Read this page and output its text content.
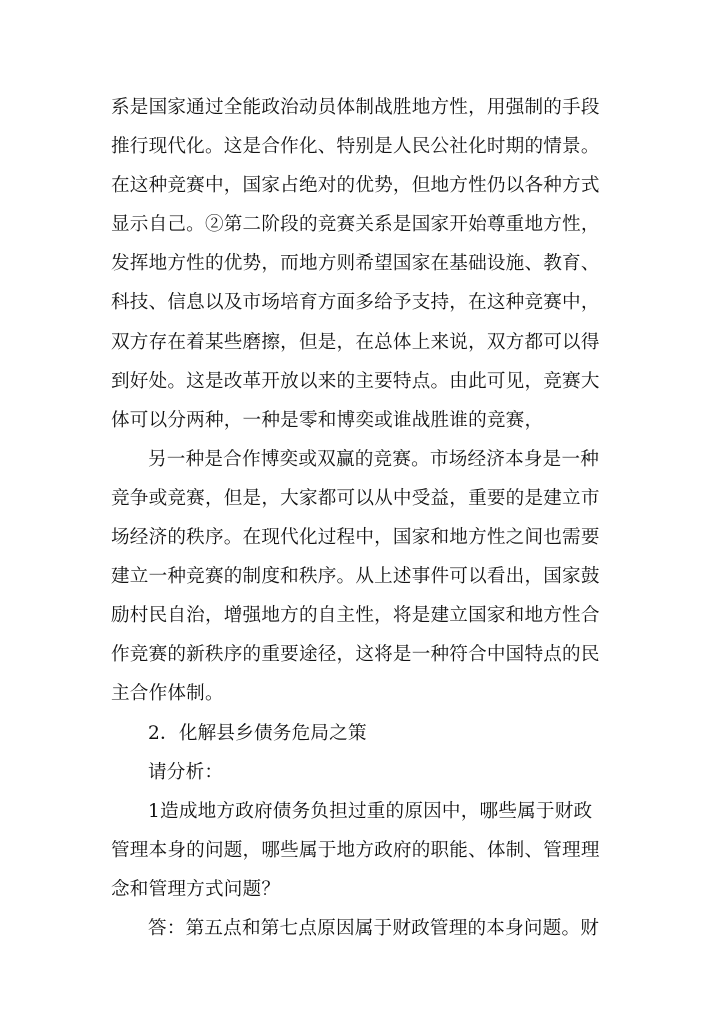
系是国家通过全能政治动员体制战胜地方性，用强制的手段
推行现代化。这是合作化、特别是人民公社化时期的情景。
在这种竞赛中，国家占绝对的优势，但地方性仍以各种方式
显示自己。②第二阶段的竞赛关系是国家开始尊重地方性，
发挥地方性的优势，而地方则希望国家在基础设施、教育、
科技、信息以及市场培育方面多给予支持，在这种竞赛中，
双方存在着某些磨擦，但是，在总体上来说，双方都可以得
到好处。这是改革开放以来的主要特点。由此可见，竞赛大
体可以分两种，一种是零和博奕或谁战胜谁的竞赛，
另一种是合作博奕或双赢的竞赛。市场经济本身是一种
竞争或竞赛，但是，大家都可以从中受益，重要的是建立市
场经济的秩序。在现代化过程中，国家和地方性之间也需要
建立一种竞赛的制度和秩序。从上述事件可以看出，国家鼓
励村民自治，增强地方的自主性，将是建立国家和地方性合
作竞赛的新秩序的重要途径，这将是一种符合中国特点的民
主合作体制。
2．化解县乡债务危局之策
请分析：
1造成地方政府债务负担过重的原因中，哪些属于财政
管理本身的问题，哪些属于地方政府的职能、体制、管理理
念和管理方式问题？
答：第五点和第七点原因属于财政管理的本身问题。财
